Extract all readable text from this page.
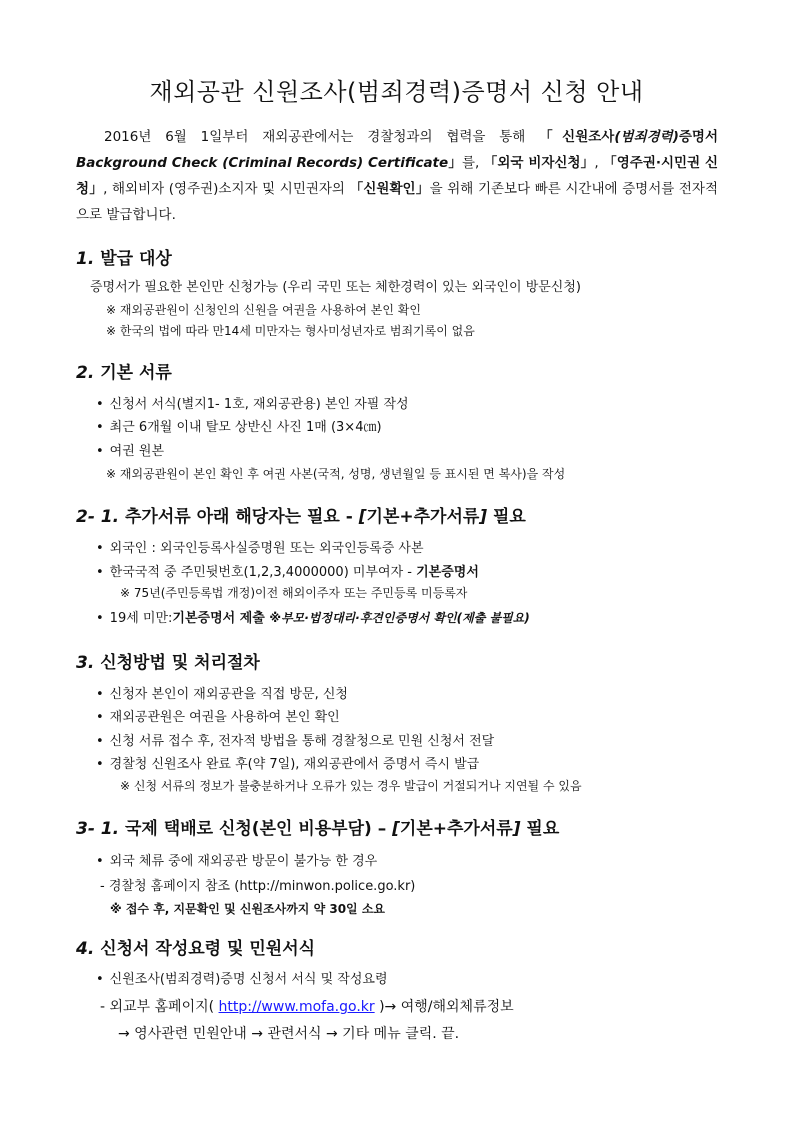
재외공관 신원조사(범죄경력)증명서 신청 안내

2016년 6월 1일부터 재외공관에서는 경찰청과의 협력을 통해 「신원조사(범죄경력)증명서 Background Check (Criminal Records) Certificate」를, 「외국 비자신청」, 「영주권·시민권 신청」, 해외비자 (영주권)소지자 및 시민권자의 「신원확인」을 위해 기존보다 빠른 시간내에 증명서를 전자적으로 발급합니다.

1. 발급 대상
증명서가 필요한 본인만 신청가능 (우리 국민 또는 체한경력이 있는 외국인이 방문신청)
※ 재외공관원이 신청인의 신원을 여권을 사용하여 본인 확인
※ 한국의 법에 따라 만14세 미만자는 형사미성년자로 범죄기록이 없음
2. 기본 서류
• 신청서 서식(별지1- 1호, 재외공관용) 본인 자필 작성
• 최근 6개월 이내 탈모 상반신 사진 1매 (3×4㎝)
• 여권 원본
※ 재외공관원이 본인 확인 후 여권 사본(국적, 성명, 생년월일 등 표시된 면 복사)을 작성
2- 1. 추가서류 아래 해당자는 필요 - [기본+추가서류] 필요
• 외국인 : 외국인등록사실증명원 또는 외국인등록증 사본
• 한국국적 중 주민뒷번호(1,2,3,4000000) 미부여자 - 기본증명서
※ 75년(주민등록법 개정)이전 해외이주자 또는 주민등록 미등록자
• 19세 미만:기본증명서 제출 ※부모·법정대리·후견인증명서 확인(제출 불필요)
3. 신청방법 및 처리절차
• 신청자 본인이 재외공관을 직접 방문, 신청
• 재외공관원은 여권을 사용하여 본인 확인
• 신청 서류 접수 후, 전자적 방법을 통해 경찰청으로 민원 신청서 전달
• 경찰청 신원조사 완료 후(약 7일), 재외공관에서 증명서 즉시 발급
※ 신청 서류의 정보가 불충분하거나 오류가 있는 경우 발급이 거절되거나 지연될 수 있음
3- 1. 국제 택배로 신청(본인 비용부담) – [기본+추가서류] 필요
• 외국 체류 중에 재외공관 방문이 불가능 한 경우
- 경찰청 홈페이지 참조 (http://minwon.police.go.kr)
※ 접수 후, 지문확인 및 신원조사까지 약 30일 소요
4. 신청서 작성요령 및 민원서식
• 신원조사(범죄경력)증명 신청서 서식 및 작성요령
- 외교부 홈페이지( http://www.mofa.go.kr )→ 여행/해외체류정보
→ 영사관련 민원안내 → 관련서식 → 기타 메뉴 클릭. 끝.
